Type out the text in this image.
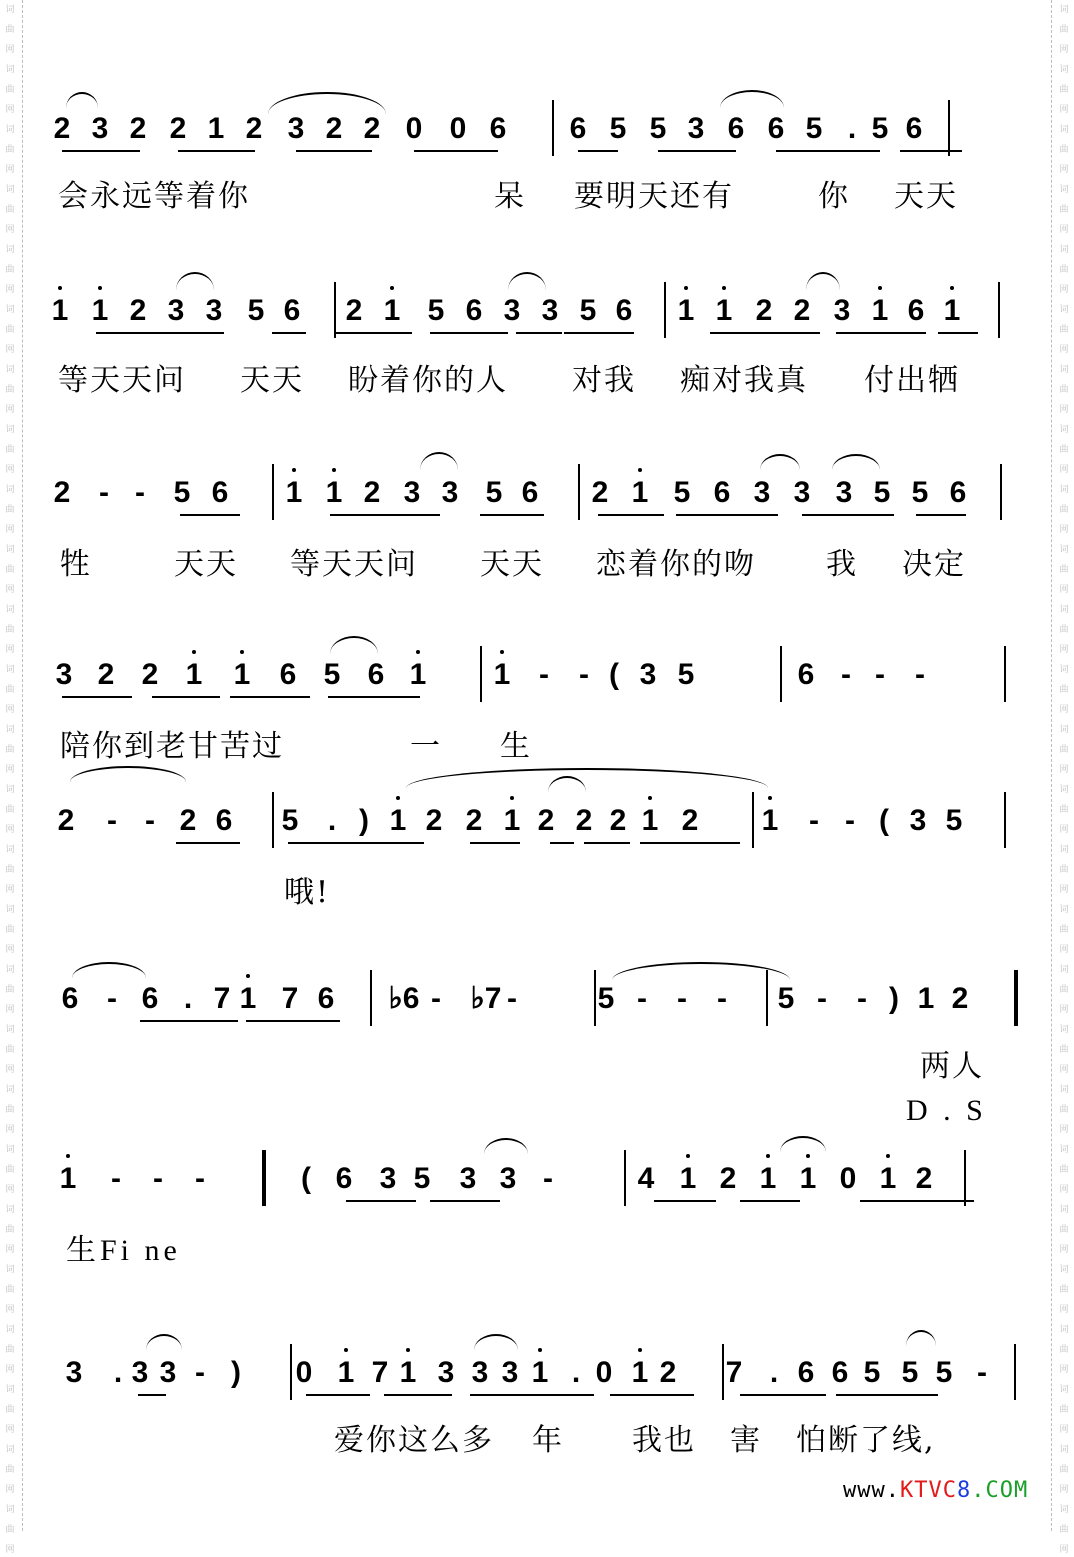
词
曲
网
词
曲
网
词
曲
网
词
曲
网
词
曲
网
词
曲
网
词
曲
网
词
曲
网
词
曲
网
词
曲
网
词
曲
网
词
曲
网
词
曲
网
词
曲
网
词
曲
网
词
曲
网
词
曲
网
词
曲
网
词
曲
网
词
曲
网
词
曲
网
词
曲
网
词
曲
网
词
曲
网
词
曲
网
词
曲
网
词
曲
网
词
曲
网
词
曲
网
词
曲
网
词
曲
网
词
曲
网
词
曲
网
词
曲
网
词
曲
网
词
曲
网
词
曲
网
词
曲
网
词
曲
网
词
曲
网
词
曲
网
词
曲
网
词
曲
网
词
曲
网
词
曲
网
词
曲
网
词
曲
网
词
曲
网
词
曲
网
词
曲
网
词
曲
网
词
曲
网
2 3 2 2 1 2 3 2 2 0 0 6 6 5 5 3 6 6 5 . 5 6
1 1 2 3 3 5 6 2 1 5 6 3 3 5 6 1 1 2 2 3 1 6 1
2 - - 5 6 1 1 2 3 3 5 6 2 1 5 6 3 3 3 5 5 6
3 2 2 1 1 6 5 6 1 1 - - ( 3 5	6 - - -
2 - - 2 6 5 . ) 1 2 2 1 2 2 2 1 2 1 - - ( 3 5
6 - 6 . 7 1 7 6 ♭6 - ♭7 -	5 - - - 5 - - ) 1 2
1 - - -	( 6 3 5 3 3 -	4 1 2 1 1 0 1 2
3 . 3 3 - ) 0 1 7 1 3 3 3 1 . 0 1 2 7 . 6 6 5 5 5 -
会永远等着你	呆 要明天还有	你 天天
等天天问 天天 盼着你的人 对我 痴对我真 付出牺
牲	天天 等天天问 天天 恋着你的吻 我 决定
陪你到老甘苦过	一 生
哦!
两人
D . S
生Fi ne
爱你这么多 年 我也 害 怕断了线,
www.KTVC8.COM
